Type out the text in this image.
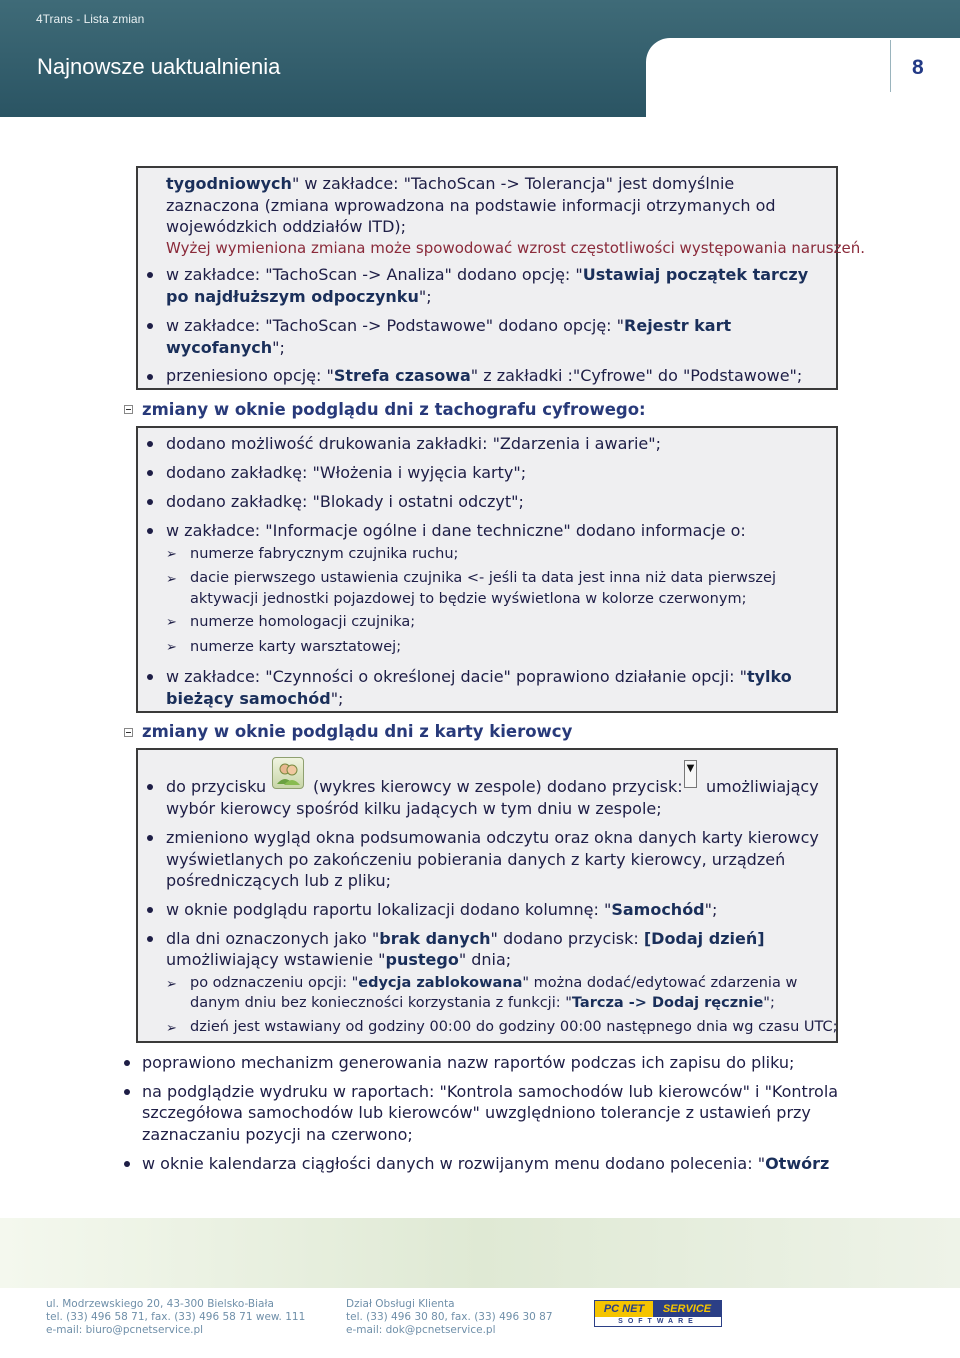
4Trans - Lista zmian
Najnowsze uaktualnienia	8
tygodniowych" w zakładce: "TachoScan -> Tolerancja" jest domyślnie
zaznaczona (zmiana wprowadzona na podstawie informacji otrzymanych od
wojewódzkich oddziałów ITD);
Wyżej wymieniona zmiana może spowodować wzrost częstotliwości występowania naruszeń.
w zakładce: "TachoScan -> Analiza" dodano opcję: "Ustawiaj początek tarczy
po najdłuższym odpoczynku";
w zakładce: "TachoScan -> Podstawowe" dodano opcję: "Rejestr kart
wycofanych";
przeniesiono opcję: "Strefa czasowa" z zakładki :"Cyfrowe" do "Podstawowe";
zmiany w oknie podglądu dni z tachografu cyfrowego:
dodano możliwość drukowania zakładki: "Zdarzenia i awarie";
dodano zakładkę: "Włożenia i wyjęcia karty";
dodano zakładkę: "Blokady i ostatni odczyt";
w zakładce: "Informacje ogólne i dane techniczne" dodano informacje o:
➢ numerze fabrycznym czujnika ruchu;
➢ dacie pierwszego ustawienia czujnika <- jeśli ta data jest inna niż data pierwszej
aktywacji jednostki pojazdowej to będzie wyświetlona w kolorze czerwonym;
➢ numerze homologacji czujnika;
➢ numerze karty warsztatowej;
w zakładce: "Czynności o określonej dacie" poprawiono działanie opcji: "tylko
bieżący samochód";
zmiany w oknie podglądu dni z karty kierowcy
do przycisku	(wykres kierowcy w zespole) dodano przycisk:
▼
umożliwiający
wybór kierowcy spośród kilku jadących w tym dniu w zespole;
zmieniono wygląd okna podsumowania odczytu oraz okna danych karty kierowcy
wyświetlanych po zakończeniu pobierania danych z karty kierowcy, urządzeń
pośredniczących lub z pliku;
w oknie podglądu raportu lokalizacji dodano kolumnę: "Samochód";
dla dni oznaczonych jako "brak danych" dodano przycisk: [Dodaj dzień]
umożliwiający wstawienie "pustego" dnia;
➢ po odznaczeniu opcji: "edycja zablokowana" można dodać/edytować zdarzenia w
danym dniu bez konieczności korzystania z funkcji: "Tarcza -> Dodaj ręcznie";
➢ dzień jest wstawiany od godziny 00:00 do godziny 00:00 następnego dnia wg czasu UTC;
poprawiono mechanizm generowania nazw raportów podczas ich zapisu do pliku;
na podglądzie wydruku w raportach: "Kontrola samochodów lub kierowców" i "Kontrola
szczegółowa samochodów lub kierowców" uwzględniono tolerancje z ustawień przy
zaznaczaniu pozycji na czerwono;
w oknie kalendarza ciągłości danych w rozwijanym menu dodano polecenia: "Otwórz
ul. Modrzewskiego 20, 43-300 Bielsko-Biała
tel. (33) 496 58 71, fax. (33) 496 58 71 wew. 111
e-mail: biuro@pcnetservice.pl
Dział Obsługi Klienta
tel. (33) 496 30 80, fax. (33) 496 30 87
e-mail: dok@pcnetservice.pl
PC NET	SERVICE
SOFTWARE
